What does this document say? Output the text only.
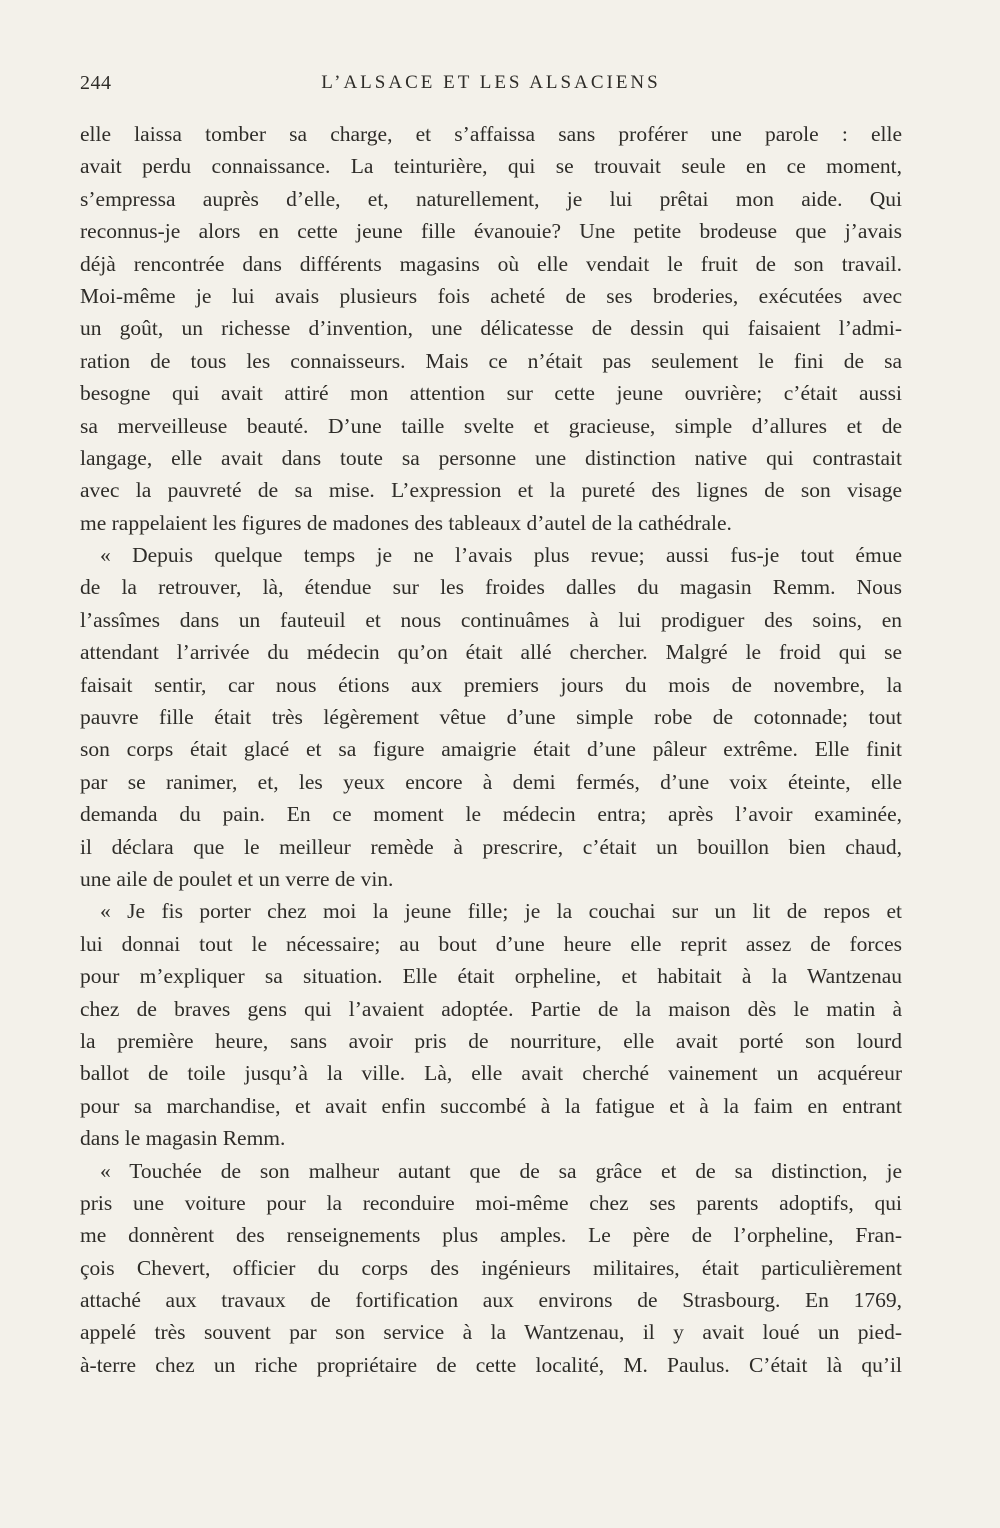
244	L’ALSACE ET LES ALSACIENS
elle laissa tomber sa charge, et s’affaissa sans proférer une parole : elle
avait perdu connaissance. La teinturière, qui se trouvait seule en ce moment,
s’empressa auprès d’elle, et, naturellement, je lui prêtai mon aide. Qui
reconnus-je alors en cette jeune fille évanouie? Une petite brodeuse que j’avais
déjà rencontrée dans différents magasins où elle vendait le fruit de son travail.
Moi-même je lui avais plusieurs fois acheté de ses broderies, exécutées avec
un goût, un richesse d’invention, une délicatesse de dessin qui faisaient l’admi-
ration de tous les connaisseurs. Mais ce n’était pas seulement le fini de sa
besogne qui avait attiré mon attention sur cette jeune ouvrière; c’était aussi
sa merveilleuse beauté. D’une taille svelte et gracieuse, simple d’allures et de
langage, elle avait dans toute sa personne une distinction native qui contrastait
avec la pauvreté de sa mise. L’expression et la pureté des lignes de son visage
me rappelaient les figures de madones des tableaux d’autel de la cathédrale.
« Depuis quelque temps je ne l’avais plus revue; aussi fus-je tout émue
de la retrouver, là, étendue sur les froides dalles du magasin Remm. Nous
l’assîmes dans un fauteuil et nous continuâmes à lui prodiguer des soins, en
attendant l’arrivée du médecin qu’on était allé chercher. Malgré le froid qui se
faisait sentir, car nous étions aux premiers jours du mois de novembre, la
pauvre fille était très légèrement vêtue d’une simple robe de cotonnade; tout
son corps était glacé et sa figure amaigrie était d’une pâleur extrême. Elle finit
par se ranimer, et, les yeux encore à demi fermés, d’une voix éteinte, elle
demanda du pain. En ce moment le médecin entra; après l’avoir examinée,
il déclara que le meilleur remède à prescrire, c’était un bouillon bien chaud,
une aile de poulet et un verre de vin.
« Je fis porter chez moi la jeune fille; je la couchai sur un lit de repos et
lui donnai tout le nécessaire; au bout d’une heure elle reprit assez de forces
pour m’expliquer sa situation. Elle était orpheline, et habitait à la Wantzenau
chez de braves gens qui l’avaient adoptée. Partie de la maison dès le matin à
la première heure, sans avoir pris de nourriture, elle avait porté son lourd
ballot de toile jusqu’à la ville. Là, elle avait cherché vainement un acquéreur
pour sa marchandise, et avait enfin succombé à la fatigue et à la faim en entrant
dans le magasin Remm.
« Touchée de son malheur autant que de sa grâce et de sa distinction, je
pris une voiture pour la reconduire moi-même chez ses parents adoptifs, qui
me donnèrent des renseignements plus amples. Le père de l’orpheline, Fran-
çois Chevert, officier du corps des ingénieurs militaires, était particulièrement
attaché aux travaux de fortification aux environs de Strasbourg. En 1769,
appelé très souvent par son service à la Wantzenau, il y avait loué un pied-
à-terre chez un riche propriétaire de cette localité, M. Paulus. C’était là qu’il
